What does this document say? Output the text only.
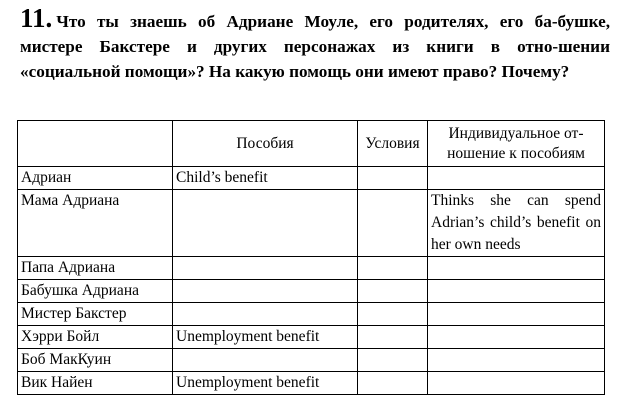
11. Что ты знаешь об Адриане Моуле, его родителях, его ба-бушке, мистере Бакстере и других персонажах из книги в отно-шении «социальной помощи»? На какую помощь они имеют право? Почему?

	Пособия	Условия	Индивидуальное от-ношение к пособиям
Адриан	Child’s benefit		
Мама Адриана			Thinks she can spend Adrian’s child’s benefit on her own needs
Папа Адриана			
Бабушка Адриана			
Мистер Бакстер			
Хэрри Бойл	Unemployment benefit		
Боб МакКуин			
Вик Найен	Unemployment benefit		
